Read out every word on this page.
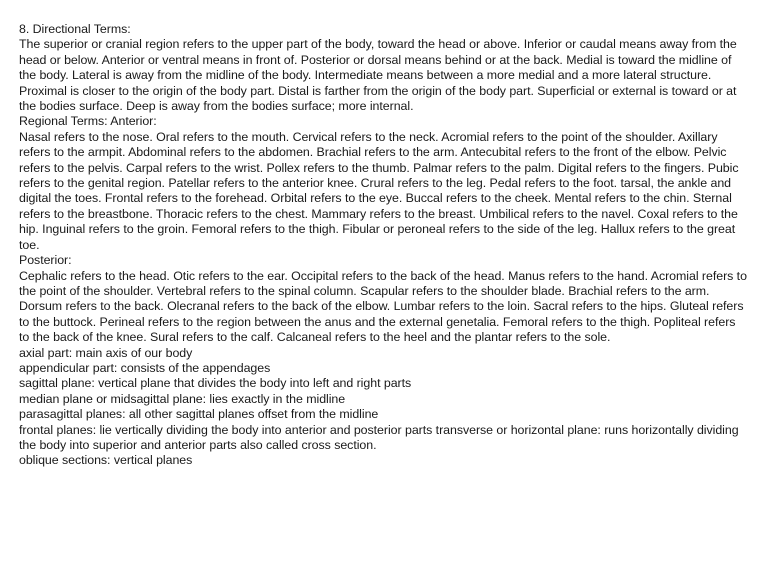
8. Directional Terms:

The superior or cranial region refers to the upper part of the body, toward the head or above. Inferior or caudal means away from the head or below. Anterior or ventral means in front of. Posterior or dorsal means behind or at the back. Medial is toward the midline of the body. Lateral is away from the midline of the body. Intermediate means between a more medial and a more lateral structure. Proximal is closer to the origin of the body part. Distal is farther from the origin of the body part. Superficial or external is toward or at the bodies surface. Deep is away from the bodies surface; more internal.

Regional Terms: Anterior:

Nasal refers to the nose. Oral refers to the mouth. Cervical refers to the neck. Acromial refers to the point of the shoulder. Axillary refers to the armpit. Abdominal refers to the abdomen. Brachial refers to the arm. Antecubital refers to the front of the elbow. Pelvic refers to the pelvis. Carpal refers to the wrist. Pollex refers to the thumb. Palmar refers to the palm. Digital refers to the fingers. Pubic refers to the genital region. Patellar refers to the anterior knee. Crural refers to the leg. Pedal refers to the foot. tarsal, the ankle and digital the toes. Frontal refers to the forehead. Orbital refers to the eye. Buccal refers to the cheek. Mental refers to the chin. Sternal refers to the breastbone. Thoracic refers to the chest. Mammary refers to the breast. Umbilical refers to the navel. Coxal refers to the hip. Inguinal refers to the groin. Femoral refers to the thigh. Fibular or peroneal refers to the side of the leg. Hallux refers to the great toe.

Posterior:

Cephalic refers to the head. Otic refers to the ear. Occipital refers to the back of the head. Manus refers to the hand. Acromial refers to the point of the shoulder. Vertebral refers to the spinal column. Scapular refers to the shoulder blade. Brachial refers to the arm. Dorsum refers to the back. Olecranal refers to the back of the elbow. Lumbar refers to the loin. Sacral refers to the hips. Gluteal refers to the buttock. Perineal refers to the region between the anus and the external genetalia. Femoral refers to the thigh. Popliteal refers to the back of the knee. Sural refers to the calf. Calcaneal refers to the heel and the plantar refers to the sole.

axial part: main axis of our body

appendicular part: consists of the appendages

sagittal plane: vertical plane that divides the body into left and right parts

median plane or midsagittal plane: lies exactly in the midline

parasagittal planes: all other sagittal planes offset from the midline

frontal planes: lie vertically dividing the body into anterior and posterior parts transverse or horizontal plane: runs horizontally dividing the body into superior and anterior parts also called cross section.

oblique sections: vertical planes
